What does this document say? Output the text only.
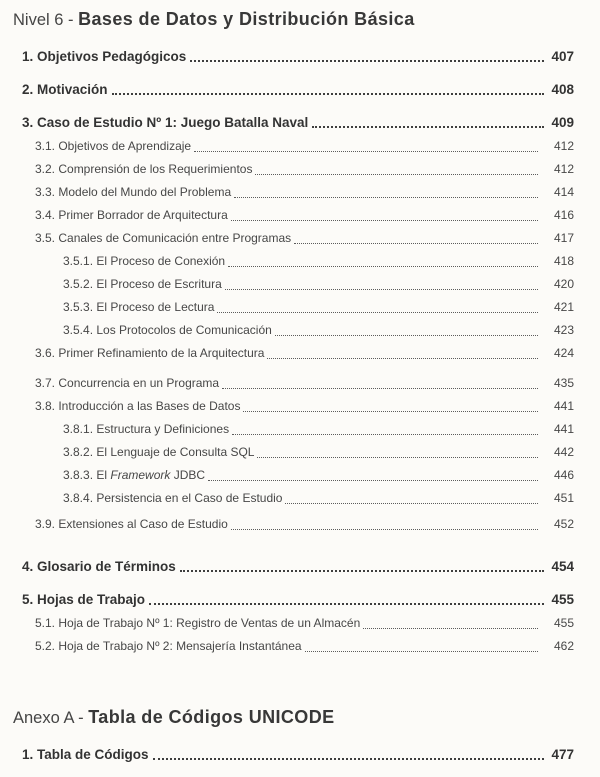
Nivel 6 - Bases de Datos y Distribución Básica
1. Objetivos Pedagógicos	407
2. Motivación	408
3. Caso de Estudio Nº 1: Juego Batalla Naval	409
3.1. Objetivos de Aprendizaje	412
3.2. Comprensión de los Requerimientos	412
3.3. Modelo del Mundo del Problema	414
3.4. Primer Borrador de Arquitectura	416
3.5. Canales de Comunicación entre Programas	417
3.5.1. El Proceso de Conexión	418
3.5.2. El Proceso de Escritura	420
3.5.3. El Proceso de Lectura	421
3.5.4. Los Protocolos de Comunicación	423
3.6. Primer Refinamiento de la Arquitectura	424
3.7. Concurrencia en un Programa	435
3.8. Introducción a las Bases de Datos	441
3.8.1. Estructura y Definiciones	441
3.8.2. El Lenguaje de Consulta SQL	442
3.8.3. El Framework JDBC	446
3.8.4. Persistencia en el Caso de Estudio	451
3.9. Extensiones al Caso de Estudio	452
4. Glosario de Términos	454
5. Hojas de Trabajo	455
5.1. Hoja de Trabajo Nº 1: Registro de Ventas de un Almacén	455
5.2. Hoja de Trabajo Nº 2: Mensajería Instantánea	462
Anexo A - Tabla de Códigos UNICODE
1. Tabla de Códigos	477
